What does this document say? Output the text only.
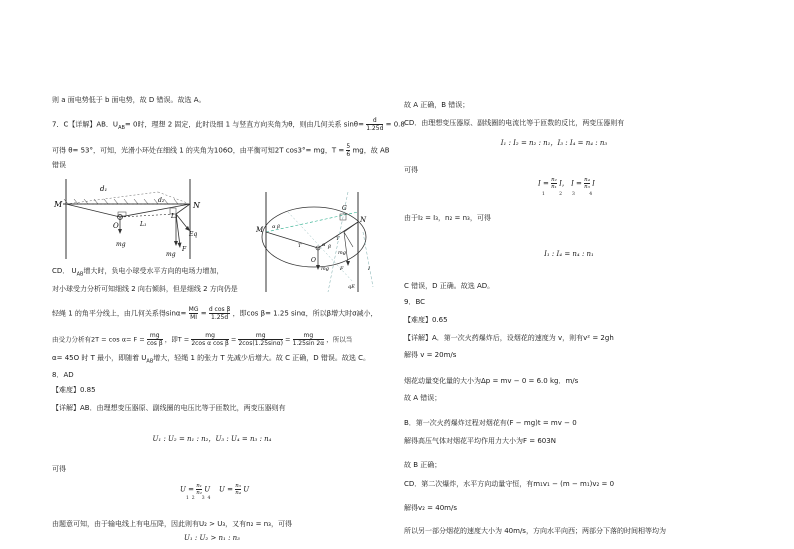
则 a 面电势低于 b 面电势，故 D 错误。故选 A。
7．C【详解】AB．$U_{AB}= 0$时，理想 2 固定，此时设细 1 与竖直方向夹角为θ，则由几何关系 $\sin\theta= \frac{d}{1.25d} = 0.8$
可得 θ= 53°，可知，光滑小环处在细线 1 的夹角为106O，由平衡可知2T cos3°= mg，$T = \frac{5}{6}$ mg，故 AB
错误
M
d₁
d₂
N
L₁
L₂
O
Eq
F
mg
mg
M
N
G
α β
α β
T
T
O
mg F
qE
mg
I
CD． $U_{AB}$增大时，负电小球受水平方向的电场力增加，
对小球受力分析可知细线 2 向右倾斜，但是细线 2 方向仍是
轻绳 1 的角平分线上，由几何关系得$\sin\alpha= \frac{MG}{MI} = \frac{\text{d cos β}}{1.25d}$ ，即cos β= 1.25 sinα，所以β增大时σ减小，
由受力分析有$2T = \cos \alpha= F = \frac{mg}{\text{cos β}}$ ，即$T = \frac{mg}{\text{2cos α cos β}} = \frac{mg}{2\cos(1.25\sin\alpha)} = \frac{mg}{1.25\sin 2\alpha}$ ，所以当
α= 45O 时 T 最小，即随着 $U_{AB}$增大，轻绳 1 的张力 T 先减少后增大。故 C 正确，D 错误。故选 C。
8．AD
【难度】0.85
【详解】AB．由理想变压器原、副线圈的电压比等于匝数比，两变压器则有
U₁ : U₂ = n₁ : n₂，U₃ : U₄ = n₃ : n₄
可得
$U = \frac{\text{n₁}}{\text{n₂}}$ U $U = \frac{\text{n₃}}{\text{n₄}}$ U
1  2     3  4
由题意可知，由于输电线上有电压降，因此则有U₂ > U₃，又有n₂ = n₃，可得
U₁ : U₂ > n₁ : n₃
故 A 正确，B 错误；
CD．由理想变压器原、副线圈的电流比等于匝数的反比，两变压器则有
I₁ : I₂ = n₂ : n₁，I₃ : I₄ = n₄ : n₃
可得
$I = \frac{\text{n₂}}{\text{n₁}}$ I， $I = \frac{\text{n₄}}{\text{n₃}}$ I
1          2       3          4
由于I₂ = I₃，n₂ = n₃，可得
I₁ : I₄ = n₄ : n₁
C 错误，D 正确。故选 AD。
9．BC
【难度】0.65
【详解】A．第一次火药爆炸后，设烟花的速度为 v，则有v² = 2gh
解得 v = 20m/s
烟花动量变化量的大小为Δp = mv − 0 = 6.0 kg．m/s
故 A 错误；
B．第一次火药爆炸过程对烟花有(F − mg)t = mv − 0
解得高压气体对烟花平均作用力大小为F = 603N
故 B 正确；
CD．第二次爆炸，水平方向动量守恒，有m₁v₁ − (m − m₁)v₂ = 0
解得v₂ = 40m/s
所以另一部分烟花的速度大小为 40m/s，方向水平向西；两部分下落的时间相等均为
